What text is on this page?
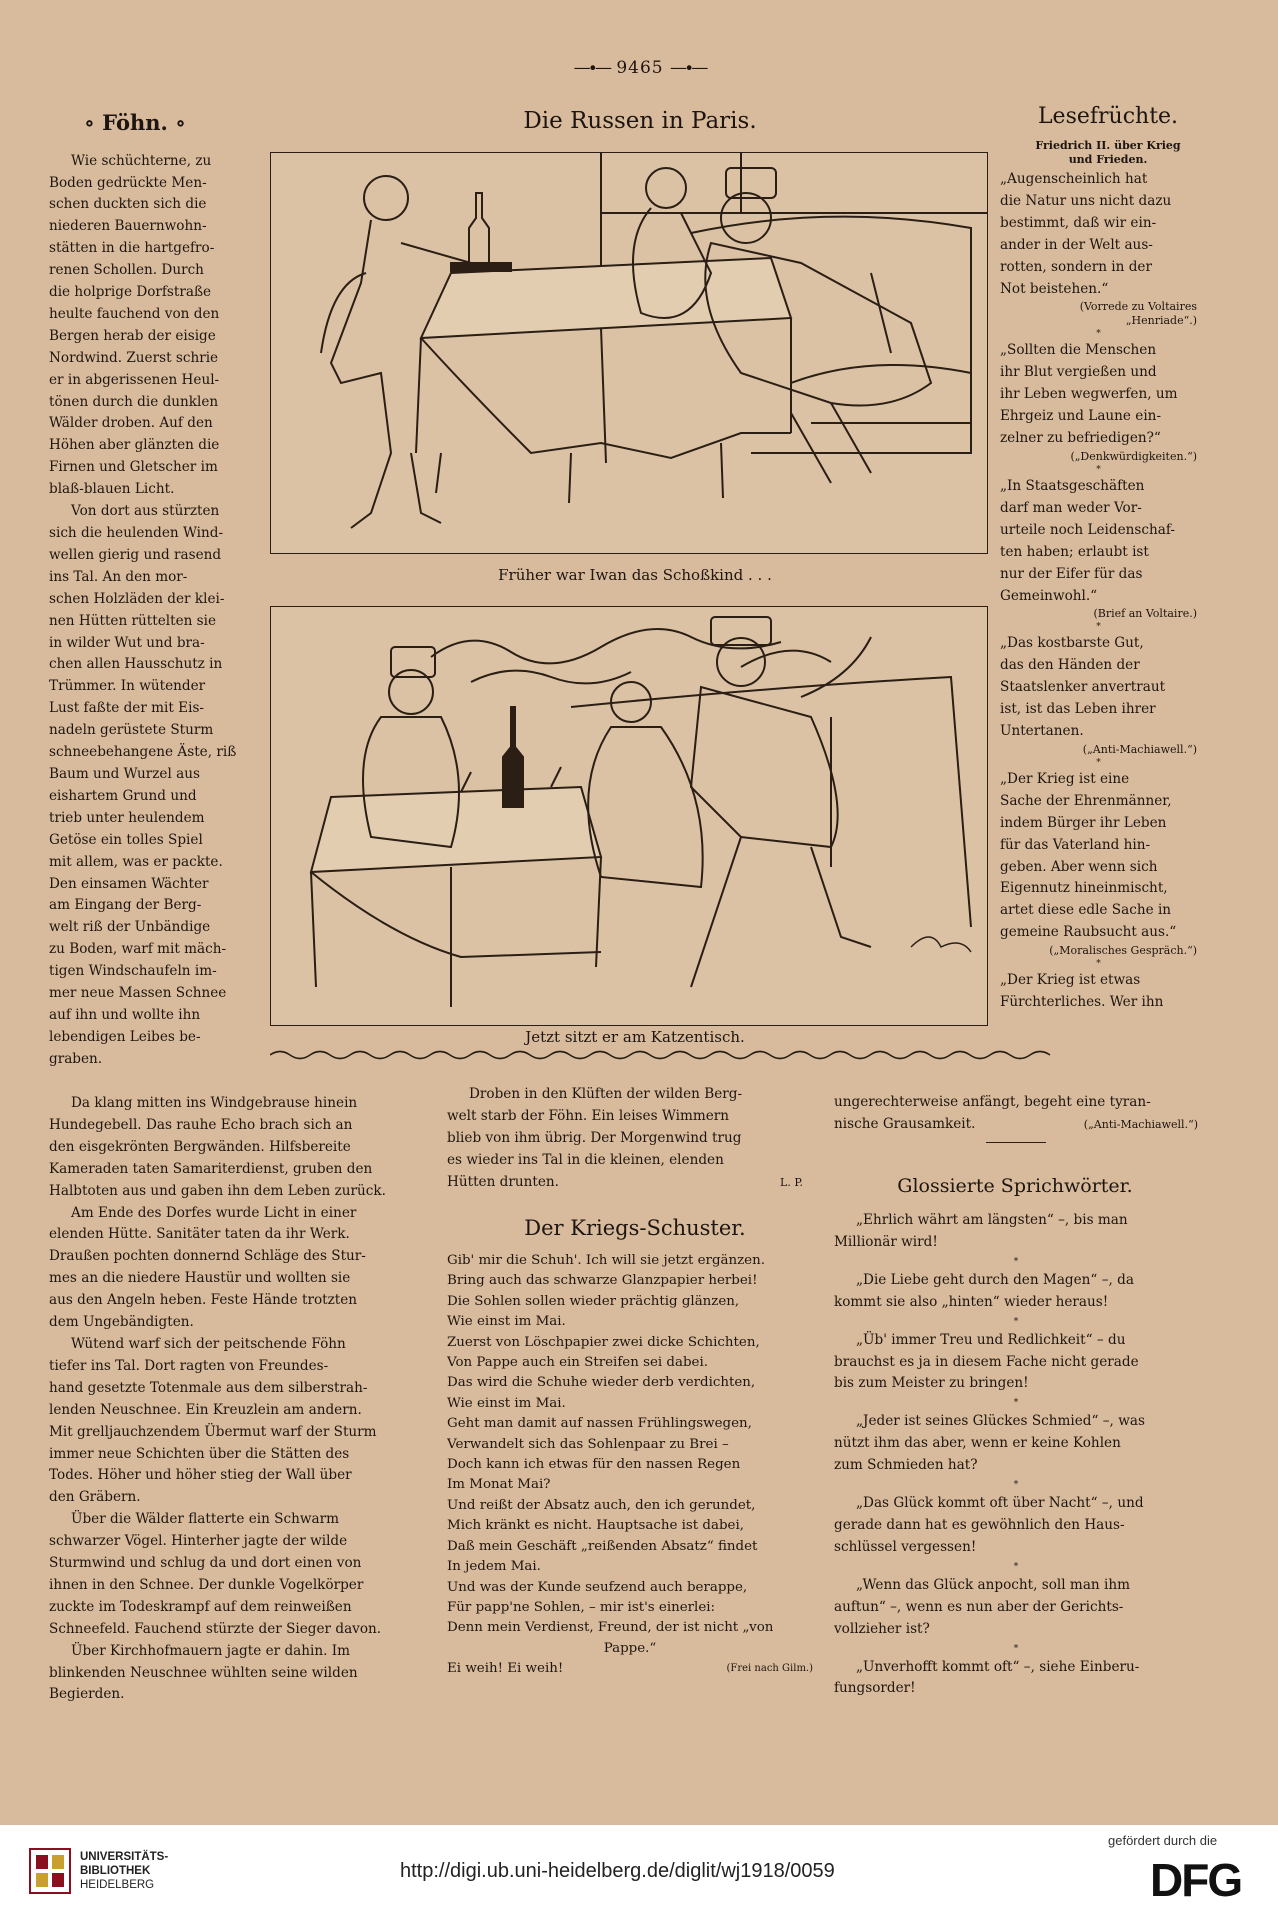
—∙— 9465 —∙—
∘ Föhn. ∘
Wie schüchterne, zu
Boden gedrückte Men-
schen duckten sich die
niederen Bauernwohn-
stätten in die hartgefro-
renen Schollen. Durch
die holprige Dorfstraße
heulte fauchend von den
Bergen herab der eisige
Nordwind. Zuerst schrie
er in abgerissenen Heul-
tönen durch die dunklen
Wälder droben. Auf den
Höhen aber glänzten die
Firnen und Gletscher im
blaß-blauen Licht.
Von dort aus stürzten
sich die heulenden Wind-
wellen gierig und rasend
ins Tal. An den mor-
schen Holzläden der klei-
nen Hütten rüttelten sie
in wilder Wut und bra-
chen allen Hausschutz in
Trümmer. In wütender
Lust faßte der mit Eis-
nadeln gerüstete Sturm
schneebehangene Äste, riß
Baum und Wurzel aus
eishartem Grund und
trieb unter heulendem
Getöse ein tolles Spiel
mit allem, was er packte.
Den einsamen Wächter
am Eingang der Berg-
welt riß der Unbändige
zu Boden, warf mit mäch-
tigen Windschaufeln im-
mer neue Massen Schnee
auf ihn und wollte ihn
lebendigen Leibes be-
graben.
Die Russen in Paris.
Früher war Iwan das Schoßkind . . .
Jetzt sitzt er am Katzentisch.
Da klang mitten ins Windgebrause hinein
Hundegebell. Das rauhe Echo brach sich an
den eisgekrönten Bergwänden. Hilfsbereite
Kameraden taten Samariterdienst, gruben den
Halbtoten aus und gaben ihn dem Leben zurück.
Am Ende des Dorfes wurde Licht in einer
elenden Hütte. Sanitäter taten da ihr Werk.
Draußen pochten donnernd Schläge des Stur-
mes an die niedere Haustür und wollten sie
aus den Angeln heben. Feste Hände trotzten
dem Ungebändigten.
Wütend warf sich der peitschende Föhn
tiefer ins Tal. Dort ragten von Freundes-
hand gesetzte Totenmale aus dem silberstrah-
lenden Neuschnee. Ein Kreuzlein am andern.
Mit grelljauchzendem Übermut warf der Sturm
immer neue Schichten über die Stätten des
Todes. Höher und höher stieg der Wall über
den Gräbern.
Über die Wälder flatterte ein Schwarm
schwarzer Vögel. Hinterher jagte der wilde
Sturmwind und schlug da und dort einen von
ihnen in den Schnee. Der dunkle Vogelkörper
zuckte im Todeskrampf auf dem reinweißen
Schneefeld. Fauchend stürzte der Sieger davon.
Über Kirchhofmauern jagte er dahin. Im
blinkenden Neuschnee wühlten seine wilden
Begierden.
Droben in den Klüften der wilden Berg-
welt starb der Föhn. Ein leises Wimmern
blieb von ihm übrig. Der Morgenwind trug
es wieder ins Tal in die kleinen, elenden
Hütten drunten.	L. P.
Der Kriegs-Schuster.
Gib' mir die Schuh'. Ich will sie jetzt ergänzen.
Bring auch das schwarze Glanzpapier herbei!
Die Sohlen sollen wieder prächtig glänzen,
Wie einst im Mai.
Zuerst von Löschpapier zwei dicke Schichten,
Von Pappe auch ein Streifen sei dabei.
Das wird die Schuhe wieder derb verdichten,
Wie einst im Mai.
Geht man damit auf nassen Frühlingswegen,
Verwandelt sich das Sohlenpaar zu Brei –
Doch kann ich etwas für den nassen Regen
Im Monat Mai?
Und reißt der Absatz auch, den ich gerundet,
Mich kränkt es nicht. Hauptsache ist dabei,
Daß mein Geschäft „reißenden Absatz“ findet
In jedem Mai.
Und was der Kunde seufzend auch berappe,
Für papp'ne Sohlen, – mir ist's einerlei:
Denn mein Verdienst, Freund, der ist nicht „von
Pappe.“
Ei weih! Ei weih!	(Frei nach Gilm.)
Lesefrüchte.
Friedrich II. über Krieg
und Frieden.
„Augenscheinlich hat
die Natur uns nicht dazu
bestimmt, daß wir ein-
ander in der Welt aus-
rotten, sondern in der
Not beistehen.“
(Vorrede zu Voltaires
„Henriade“.)
*
„Sollten die Menschen
ihr Blut vergießen und
ihr Leben wegwerfen, um
Ehrgeiz und Laune ein-
zelner zu befriedigen?“
(„Denkwürdigkeiten.“)
*
„In Staatsgeschäften
darf man weder Vor-
urteile noch Leidenschaf-
ten haben; erlaubt ist
nur der Eifer für das
Gemeinwohl.“
(Brief an Voltaire.)
*
„Das kostbarste Gut,
das den Händen der
Staatslenker anvertraut
ist, ist das Leben ihrer
Untertanen.
(„Anti-Machiawell.“)
*
„Der Krieg ist eine
Sache der Ehrenmänner,
indem Bürger ihr Leben
für das Vaterland hin-
geben. Aber wenn sich
Eigennutz hineinmischt,
artet diese edle Sache in
gemeine Raubsucht aus.“
(„Moralisches Gespräch.“)
*
„Der Krieg ist etwas
Fürchterliches. Wer ihn
ungerechterweise anfängt, begeht eine tyran-
nische Grausamkeit.	(„Anti-Machiawell.“)
Glossierte Sprichwörter.
„Ehrlich währt am längsten“ –, bis man
Millionär wird!
*
„Die Liebe geht durch den Magen“ –, da
kommt sie also „hinten“ wieder heraus!
*
„Üb' immer Treu und Redlichkeit“ – du
brauchst es ja in diesem Fache nicht gerade
bis zum Meister zu bringen!
*
„Jeder ist seines Glückes Schmied“ –, was
nützt ihm das aber, wenn er keine Kohlen
zum Schmieden hat?
*
„Das Glück kommt oft über Nacht“ –, und
gerade dann hat es gewöhnlich den Haus-
schlüssel vergessen!
*
„Wenn das Glück anpocht, soll man ihm
auftun“ –, wenn es nun aber der Gerichts-
vollzieher ist?
*
„Unverhofft kommt oft“ –, siehe Einberu-
fungsorder!
UNIVERSITÄTS-
BIBLIOTHEK
HEIDELBERG
http://digi.ub.uni-heidelberg.de/diglit/wj1918/0059
gefördert durch die
DFG
